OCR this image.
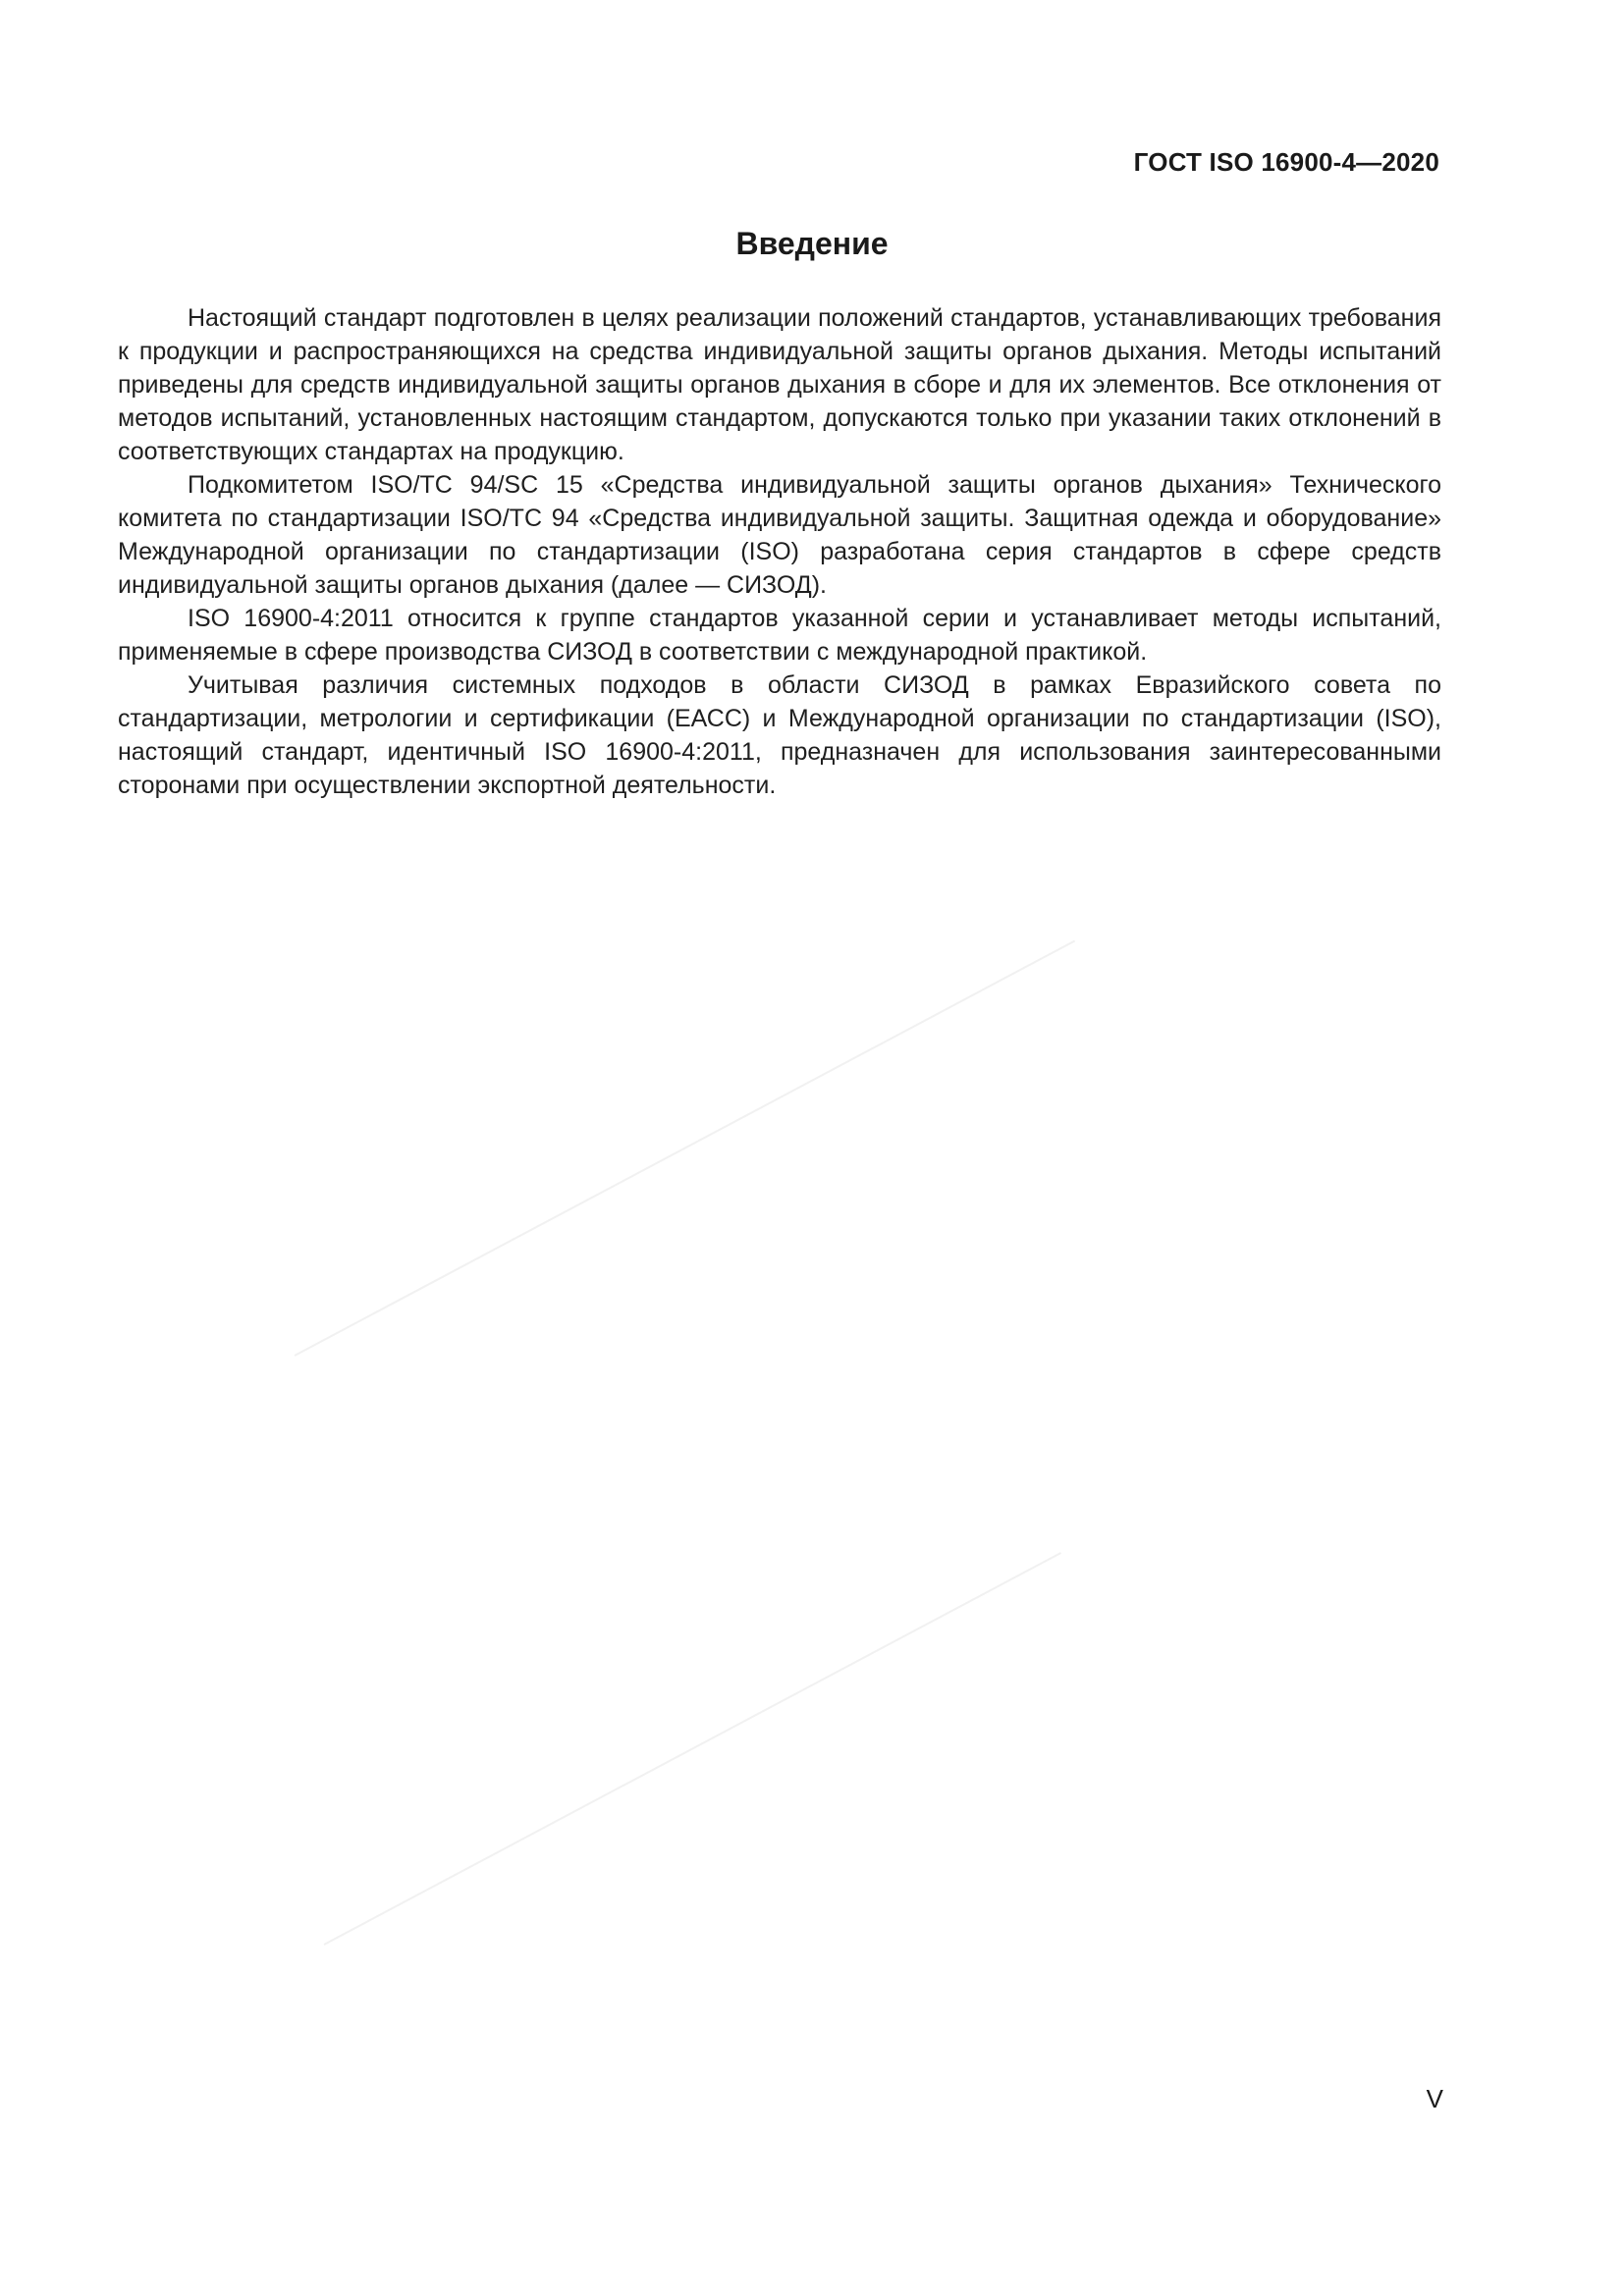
ГОСТ ISO 16900-4—2020
Введение

Настоящий стандарт подготовлен в целях реализации положений стандартов, устанавливающих требования к продукции и распространяющихся на средства индивидуальной защиты органов дыхания. Методы испытаний приведены для средств индивидуальной защиты органов дыхания в сборе и для их элементов. Все отклонения от методов испытаний, установленных настоящим стандартом, допускаются только при указании таких отклонений в соответствующих стандартах на продукцию.

Подкомитетом ISO/TC 94/SC 15 «Средства индивидуальной защиты органов дыхания» Технического комитета по стандартизации ISO/TC 94 «Средства индивидуальной защиты. Защитная одежда и оборудование» Международной организации по стандартизации (ISO) разработана серия стандартов в сфере средств индивидуальной защиты органов дыхания (далее — СИЗОД).

ISO 16900-4:2011 относится к группе стандартов указанной серии и устанавливает методы испытаний, применяемые в сфере производства СИЗОД в соответствии с международной практикой.

Учитывая различия системных подходов в области СИЗОД в рамках Евразийского совета по стандартизации, метрологии и сертификации (ЕАСС) и Международной организации по стандартизации (ISO), настоящий стандарт, идентичный ISO 16900-4:2011, предназначен для использования заинтересованными сторонами при осуществлении экспортной деятельности.

V
